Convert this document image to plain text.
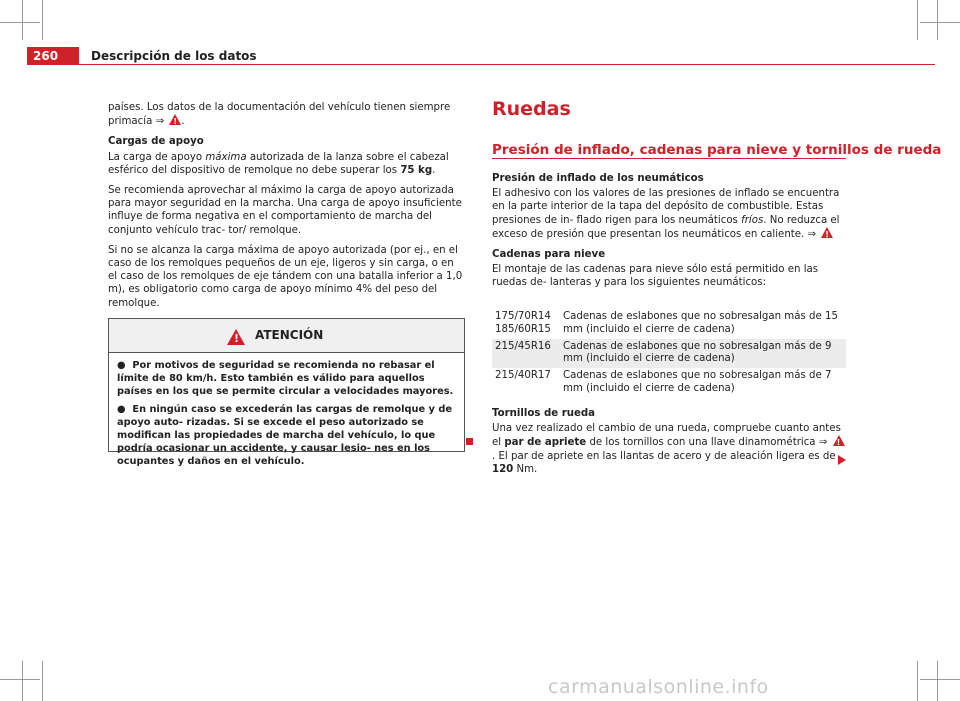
260	Descripción de los datos

países. Los datos de la documentación del vehículo tienen siempre primacía ⇒ ! .

Cargas de apoyo

La carga de apoyo máxima autorizada de la lanza sobre el cabezal esférico del dispositivo de remolque no debe superar los 75 kg.

Se recomienda aprovechar al máximo la carga de apoyo autorizada para mayor seguridad en la marcha. Una carga de apoyo insuficiente influye de forma negativa en el comportamiento de marcha del conjunto vehículo trac- tor/ remolque.

Si no se alcanza la carga máxima de apoyo autorizada (por ej., en el caso de los remolques pequeños de un eje, ligeros y sin carga, o en el caso de los remolques de eje tándem con una batalla inferior a 1,0 m), es obligatorio como carga de apoyo mínimo 4% del peso del remolque.

! ATENCIÓN

●  Por motivos de seguridad se recomienda no rebasar el límite de 80 km/h. Esto también es válido para aquellos países en los que se permite circular a velocidades mayores.

●  En ningún caso se excederán las cargas de remolque y de apoyo auto- rizadas. Si se excede el peso autorizado se modifican las propiedades de marcha del vehículo, lo que podría ocasionar un accidente, y causar lesio- nes en los ocupantes y daños en el vehículo.

Ruedas
Presión de inflado, cadenas para nieve y tornillos de rueda

Presión de inflado de los neumáticos

El adhesivo con los valores de las presiones de inflado se encuentra en la parte interior de la tapa del depósito de combustible. Estas presiones de in- flado rigen para los neumáticos fríos. No reduzca el exceso de presión que presentan los neumáticos en caliente. ⇒ !

Cadenas para nieve

El montaje de las cadenas para nieve sólo está permitido en las ruedas de- lanteras y para los siguientes neumáticos:

175/70R14 185/60R15	Cadenas de eslabones que no sobresalgan más de 15 mm (incluido el cierre de cadena)
215/45R16	Cadenas de eslabones que no sobresalgan más de 9 mm (incluido el cierre de cadena)
215/40R17	Cadenas de eslabones que no sobresalgan más de 7 mm (incluido el cierre de cadena)

Tornillos de rueda

Una vez realizado el cambio de una rueda, compruebe cuanto antes el par de apriete de los tornillos con una llave dinamométrica ⇒ !. El par de apriete en las llantas de acero y de aleación ligera es de 120 Nm.

carmanualsonline.info
